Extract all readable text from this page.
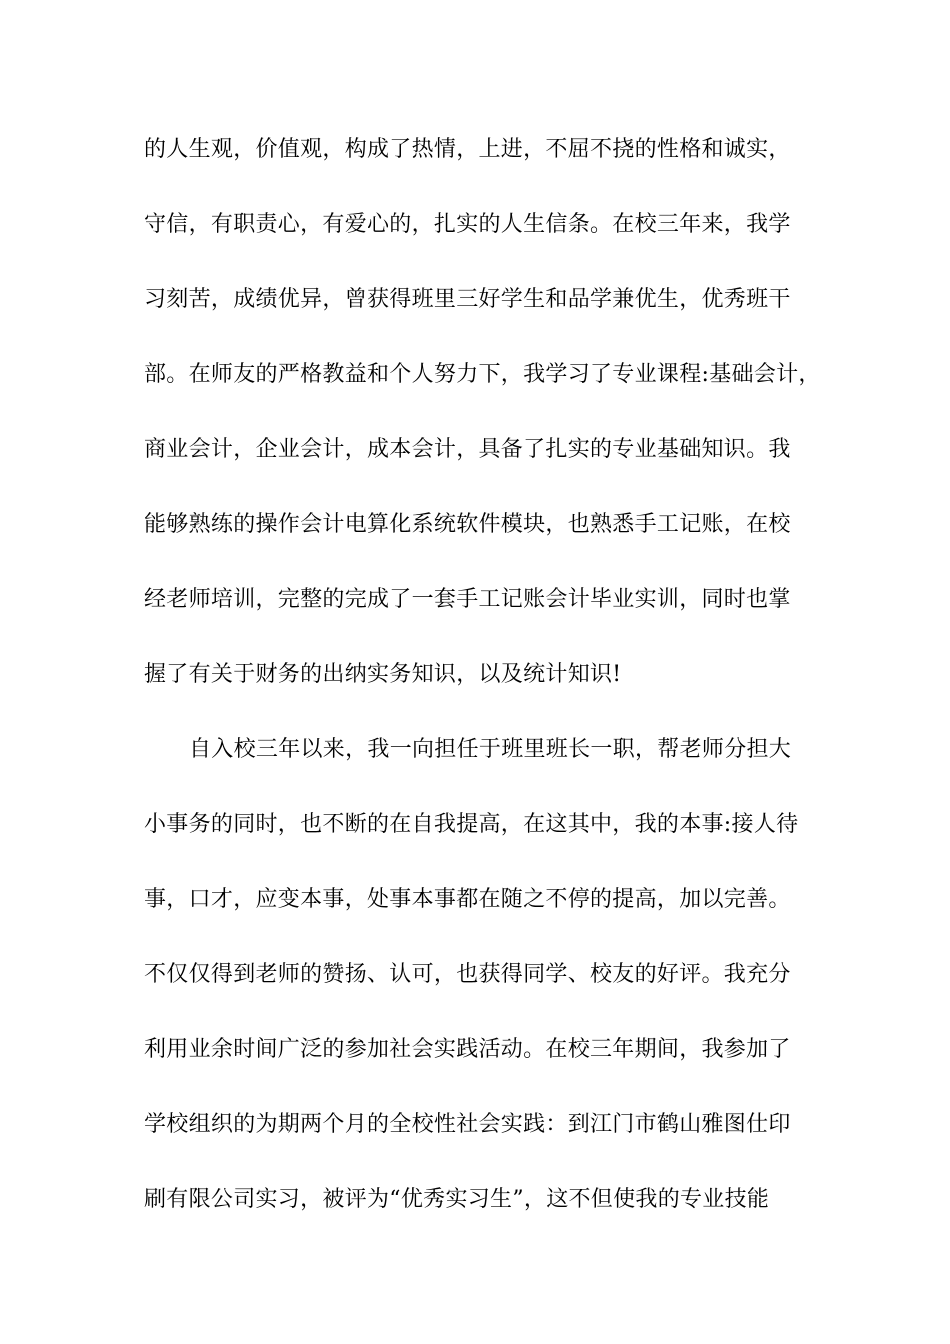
的人生观，价值观，构成了热情，上进，不屈不挠的性格和诚实，
守信，有职责心，有爱心的，扎实的人生信条。在校三年来，我学
习刻苦，成绩优异，曾获得班里三好学生和品学兼优生，优秀班干
部。在师友的严格教益和个人努力下，我学习了专业课程:基础会计，
商业会计，企业会计，成本会计，具备了扎实的专业基础知识。我
能够熟练的操作会计电算化系统软件模块，也熟悉手工记账，在校
经老师培训，完整的完成了一套手工记账会计毕业实训，同时也掌
握了有关于财务的出纳实务知识，以及统计知识!
自入校三年以来，我一向担任于班里班长一职，帮老师分担大
小事务的同时，也不断的在自我提高，在这其中，我的本事:接人待
事，口才，应变本事，处事本事都在随之不停的提高，加以完善。
不仅仅得到老师的赞扬、认可，也获得同学、校友的好评。我充分
利用业余时间广泛的参加社会实践活动。在校三年期间，我参加了
学校组织的为期两个月的全校性社会实践：到江门市鹤山雅图仕印
刷有限公司实习，被评为“优秀实习生”，这不但使我的专业技能
